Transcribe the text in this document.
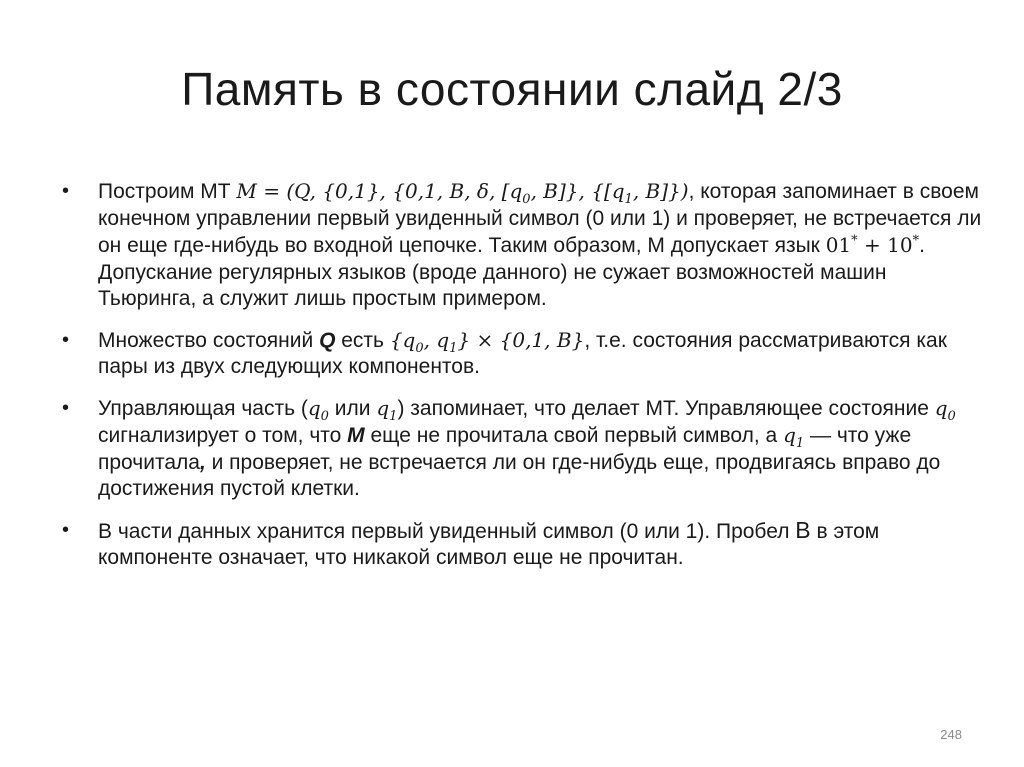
Память в состоянии слайд 2/3
• Построим МТ M = (Q, {0,1}, {0,1, B, δ, [$q_0$, B]}, {[$q_1$, B]}), которая запоминает в своем конечном управлении первый увиденный символ (0 или 1) и проверяет, не встречается ли он еще где-нибудь во входной цепочке. Таким образом, М допускает язык 01* + 10*. Допускание регулярных языков (вроде данного) не сужает возможностей машин Тьюринга, а служит лишь простым примером.
• Множество состояний Q есть {$q_0$, $q_1\} \times \{0,1$, B}, т.е. состояния рассматриваются как пары из двух следующих компонентов.
• Управляющая часть ($q_0$ или $q_1$) запоминает, что делает МТ. Управляющее состояние $q_0$ сигнализирует о том, что M еще не прочитала свой первый символ, а $q_1$ — что уже прочитала, и проверяет, не встречается ли он где-нибудь еще, продвигаясь вправо до достижения пустой клетки.
• В части данных хранится первый увиденный символ (0 или 1). Пробел B в этом компоненте означает, что никакой символ еще не прочитан.
248
